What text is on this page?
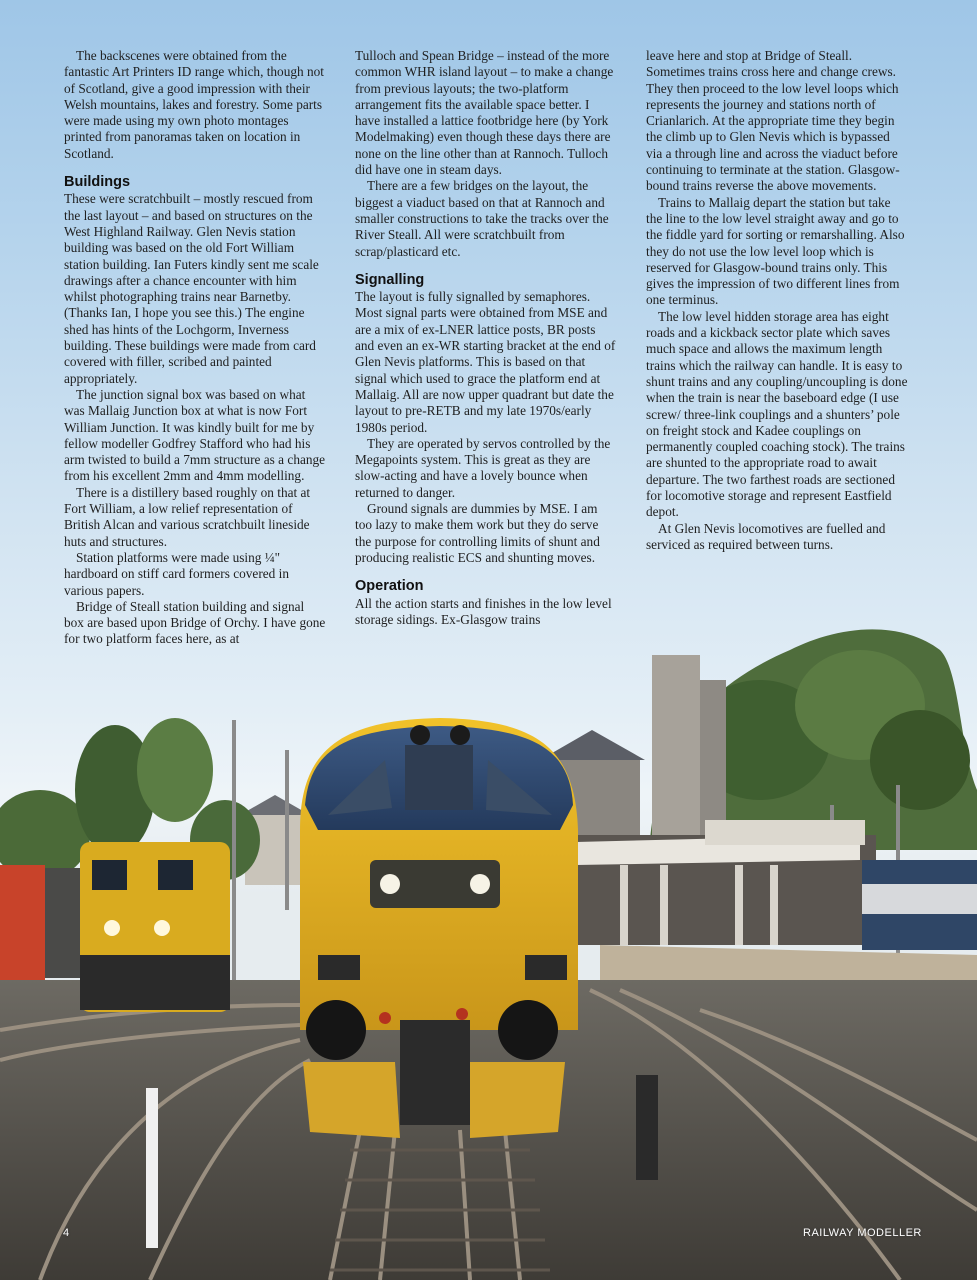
The backscenes were obtained from the fantastic Art Printers ID range which, though not of Scotland, give a good impression with their Welsh mountains, lakes and forestry. Some parts were made using my own photo montages printed from panoramas taken on location in Scotland.

Buildings

These were scratchbuilt – mostly rescued from the last layout – and based on structures on the West Highland Railway. Glen Nevis station building was based on the old Fort William station building. Ian Futers kindly sent me scale drawings after a chance encounter with him whilst photographing trains near Barnetby. (Thanks Ian, I hope you see this.) The engine shed has hints of the Lochgorm, Inverness building. These buildings were made from card covered with filler, scribed and painted appropriately.

The junction signal box was based on what was Mallaig Junction box at what is now Fort William Junction. It was kindly built for me by fellow modeller Godfrey Stafford who had his arm twisted to build a 7mm structure as a change from his excellent 2mm and 4mm modelling.

There is a distillery based roughly on that at Fort William, a low relief representation of British Alcan and various scratchbuilt lineside huts and structures.

Station platforms were made using ¼" hardboard on stiff card formers covered in various papers.

Bridge of Steall station building and signal box are based upon Bridge of Orchy. I have gone for two platform faces here, as at

Tulloch and Spean Bridge – instead of the more common WHR island layout – to make a change from previous layouts; the two-platform arrangement fits the available space better. I have installed a lattice footbridge here (by York Modelmaking) even though these days there are none on the line other than at Rannoch. Tulloch did have one in steam days.

There are a few bridges on the layout, the biggest a viaduct based on that at Rannoch and smaller constructions to take the tracks over the River Steall. All were scratchbuilt from scrap/plasticard etc.

Signalling

The layout is fully signalled by semaphores. Most signal parts were obtained from MSE and are a mix of ex-LNER lattice posts, BR posts and even an ex-WR starting bracket at the end of Glen Nevis platforms. This is based on that signal which used to grace the platform end at Mallaig. All are now upper quadrant but date the layout to pre-RETB and my late 1970s/early 1980s period.

They are operated by servos controlled by the Megapoints system. This is great as they are slow-acting and have a lovely bounce when returned to danger.

Ground signals are dummies by MSE. I am too lazy to make them work but they do serve the purpose for controlling limits of shunt and producing realistic ECS and shunting moves.

Operation

All the action starts and finishes in the low level storage sidings. Ex-Glasgow trains

leave here and stop at Bridge of Steall. Sometimes trains cross here and change crews. They then proceed to the low level loops which represents the journey and stations north of Crianlarich. At the appropriate time they begin the climb up to Glen Nevis which is bypassed via a through line and across the viaduct before continuing to terminate at the station. Glasgow-bound trains reverse the above movements.

Trains to Mallaig depart the station but take the line to the low level straight away and go to the fiddle yard for sorting or remarshalling. Also they do not use the low level loop which is reserved for Glasgow-bound trains only. This gives the impression of two different lines from one terminus.

The low level hidden storage area has eight roads and a kickback sector plate which saves much space and allows the maximum length trains which the railway can handle. It is easy to shunt trains and any coupling/uncoupling is done when the train is near the baseboard edge (I use screw/ three-link couplings and a shunters’ pole on freight stock and Kadee couplings on permanently coupled coaching stock). The trains are shunted to the appropriate road to await departure. The two farthest roads are sectioned for locomotive storage and represent Eastfield depot.

At Glen Nevis locomotives are fuelled and serviced as required between turns.

4	RAILWAY MODELLER
